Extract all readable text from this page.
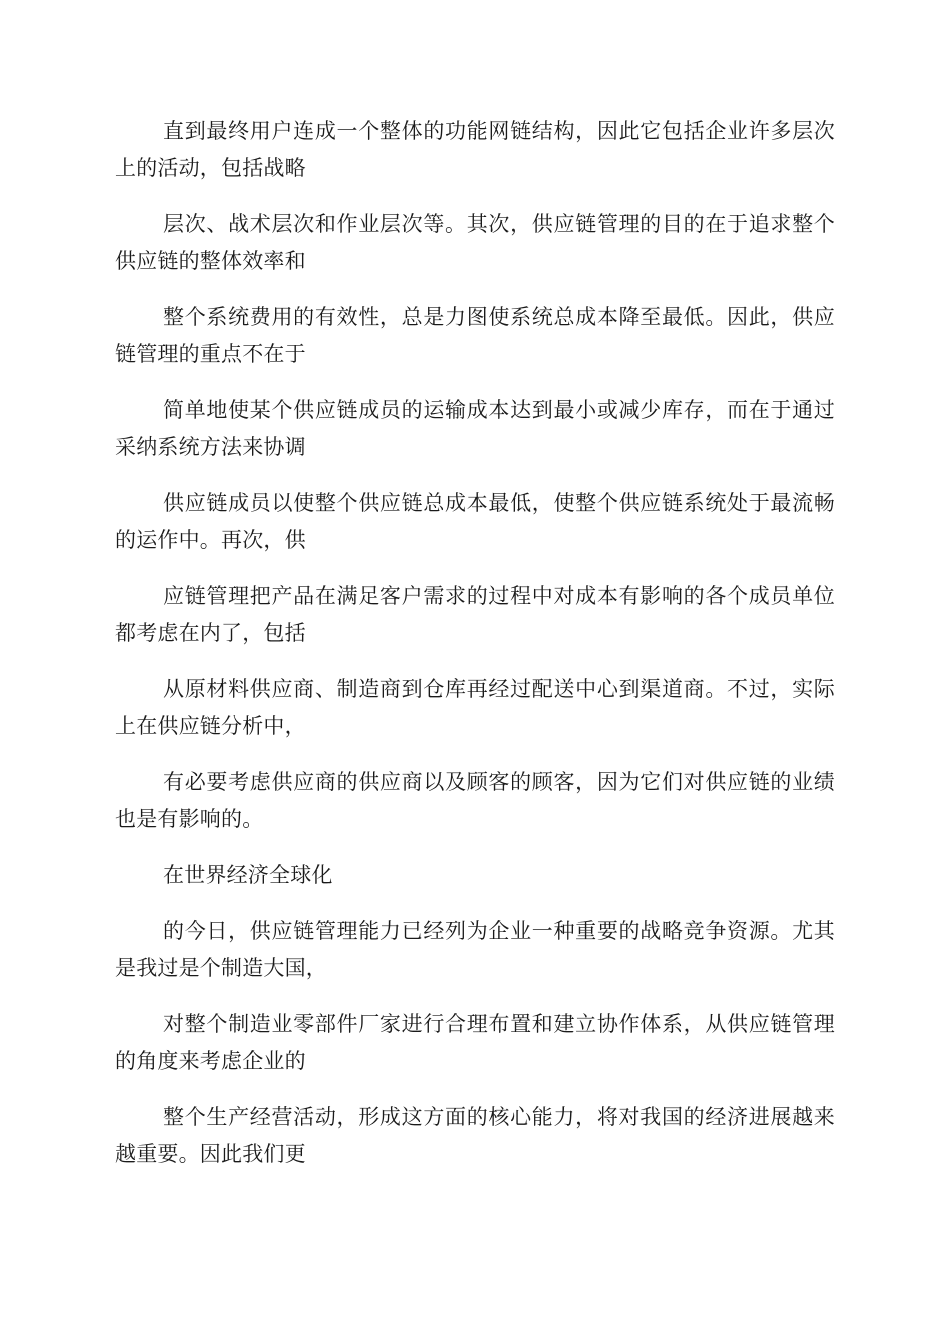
直到最终用户连成一个整体的功能网链结构，因此它包括企业许多层次上的活动，包括战略

层次、战术层次和作业层次等。其次，供应链管理的目的在于追求整个供应链的整体效率和

整个系统费用的有效性，总是力图使系统总成本降至最低。因此，供应链管理的重点不在于

简单地使某个供应链成员的运输成本达到最小或减少库存，而在于通过采纳系统方法来协调

供应链成员以使整个供应链总成本最低，使整个供应链系统处于最流畅的运作中。再次，供

应链管理把产品在满足客户需求的过程中对成本有影响的各个成员单位都考虑在内了，包括

从原材料供应商、制造商到仓库再经过配送中心到渠道商。不过，实际上在供应链分析中，

有必要考虑供应商的供应商以及顾客的顾客，因为它们对供应链的业绩也是有影响的。

在世界经济全球化

的今日，供应链管理能力已经列为企业一种重要的战略竞争资源。尤其是我过是个制造大国，

对整个制造业零部件厂家进行合理布置和建立协作体系，从供应链管理的角度来考虑企业的

整个生产经营活动，形成这方面的核心能力，将对我国的经济进展越来越重要。因此我们更
